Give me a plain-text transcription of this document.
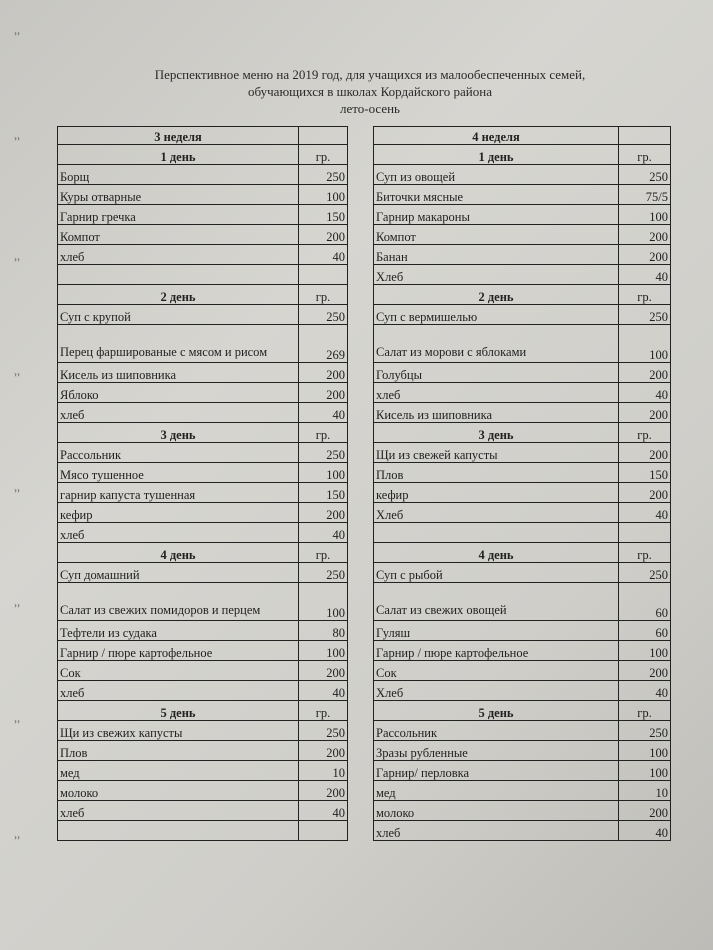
››
››
››
››
››
››
››
››
Перспективное меню на 2019 год, для учащихся из малообеспеченных семей,
обучающихся в школах Кордайского района
лето-осень
3 неделя	
1 день	гр.
Борщ	250
Куры отварные	100
Гарнир гречка	150
Компот	200
хлеб	40

2 день	гр.
Суп с крупой	250
Перец фаршированые с мясом и рисом	269
Кисель из шиповника	200
Яблоко	200
хлеб	40
3 день	гр.
Рассольник	250
Мясо тушенное	100
гарнир капуста тушенная	150
кефир	200
хлеб	40
4 день	гр.
Суп домашний	250
Салат из свежих помидоров и перцем	100
Тефтели из судака	80
Гарнир / пюре картофельное	100
Сок	200
хлеб	40
5 день	гр.
Щи из свежих капусты	250
Плов	200
мед	10
молоко	200
хлеб	40

4 неделя	
1 день	гр.
Суп из овощей	250
Биточки мясные	75/5
Гарнир макароны	100
Компот	200
Банан	200
Хлеб	40
2 день	гр.
Суп с вермишелью	250
Салат из морови с яблоками	100
Голубцы	200
хлеб	40
Кисель из шиповника	200
3 день	гр.
Щи из свежей капусты	200
Плов	150
кефир	200
Хлеб	40

4 день	гр.
Суп с рыбой	250
Салат из свежих овощей	60
Гуляш	60
Гарнир / пюре картофельное	100
Сок	200
Хлеб	40
5 день	гр.
Рассольник	250
Зразы рубленные	100
Гарнир/ перловка	100
мед	10
молоко	200
хлеб	40
